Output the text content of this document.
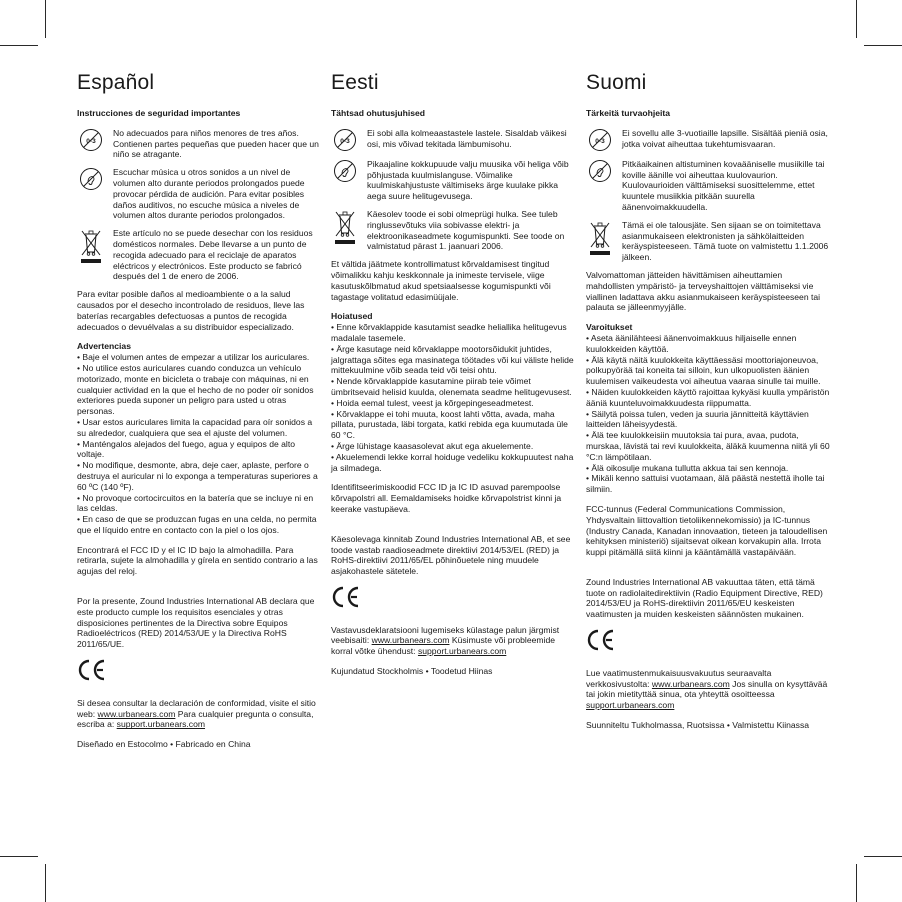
Español
Instrucciones de seguridad importantes
0-3

No adecuados para niños menores de tres años. Contienen partes pequeñas que pueden hacer que un niño se atragante.

Escuchar música u otros sonidos a un nivel de volumen alto durante periodos prolongados puede provocar pérdida de audición. Para evitar posibles daños auditivos, no escuche música a niveles de volumen altos durante periodos prolongados.

Este artículo no se puede desechar con los residuos domésticos normales. Debe llevarse a un punto de recogida adecuado para el reciclaje de aparatos eléctricos y electrónicos. Este producto se fabricó después del 1 de enero de 2006.

Para evitar posible daños al medioambiente o a la salud causados por el desecho incontrolado de residuos, lleve las baterías recargables defectuosas a puntos de recogida adecuados o devuélvalas a su distribuidor especializado.

Advertencias
• Baje el volumen antes de empezar a utilizar los auriculares.
• No utilice estos auriculares cuando conduzca un vehículo motorizado, monte en bicicleta o trabaje con máquinas, ni en cualquier actividad en la que el hecho de no poder oír sonidos exteriores pueda suponer un peligro para usted u otras personas.
• Usar estos auriculares limita la capacidad para oír sonidos a su alrededor, cualquiera que sea el ajuste del volumen.
• Manténgalos alejados del fuego, agua y equipos de alto voltaje.
• No modifique, desmonte, abra, deje caer, aplaste, perfore o destruya el auricular ni lo exponga a temperaturas superiores a 60 ºC (140 ºF).
• No provoque cortocircuitos en la batería que se incluye ni en las celdas.
• En caso de que se produzcan fugas en una celda, no permita que el líquido entre en contacto con la piel o los ojos.

Encontrará el FCC ID y el IC ID bajo la almohadilla. Para retirarla, sujete la almohadilla y gírela en sentido contrario a las agujas del reloj.

Por la presente, Zound Industries International AB declara que este producto cumple los requisitos esenciales y otras disposiciones pertinentes de la Directiva sobre Equipos Radioeléctricos (RED) 2014/53/UE y la Directiva RoHS 2011/65/UE.

Si desea consultar la declaración de conformidad, visite el sitio web: www.urbanears.com Para cualquier pregunta o consulta, escriba a: support.urbanears.com

Diseñado en Estocolmo • Fabricado en China

Eesti
Tähtsad ohutusjuhised
0-3

Ei sobi alla kolmeaastastele lastele. Sisaldab väikesi osi, mis võivad tekitada lämbumisohu.

Pikaajaline kokkupuude valju muusika või heliga võib põhjustada kuulmislanguse. Võimalike kuulmiskahjustuste vältimiseks ärge kuulake pikka aega suure helitugevusega.

Käesolev toode ei sobi olmeprügi hulka. See tuleb ringlussevõtuks viia sobivasse elektri- ja elektroonikaseadmete kogumispunkti. See toode on valmistatud pärast 1. jaanuari 2006.

Et vältida jäätmete kontrollimatust kõrvaldamisest tingitud võimalikku kahju keskkonnale ja inimeste tervisele, viige kasutuskõlbmatud akud spetsiaalsesse kogumispunkti või tagastage volitatud edasimüüjale.

Hoiatused
• Enne kõrvaklappide kasutamist seadke heliallika helitugevus madalale tasemele.
• Ärge kasutage neid kõrvaklappe mootorsõidukit juhtides, jalgrattaga sõites ega masinatega töötades või kui väliste helide mittekuulmine võib seada teid või teisi ohtu.
• Nende kõrvaklappide kasutamine piirab teie võimet ümbritsevaid helisid kuulda, olenemata seadme helitugevusest.
• Hoida eemal tulest, veest ja kõrgepingeseadmetest.
• Kõrvaklappe ei tohi muuta, koost lahti võtta, avada, maha pillata, purustada, läbi torgata, katki rebida ega kuumutada üle 60 °C.
• Ärge lühistage kaasasolevat akut ega akuelemente.
• Akuelemendi lekke korral hoiduge vedeliku kokkupuutest naha ja silmadega.

Identifitseerimiskoodid FCC ID ja IC ID asuvad parempoolse kõrvapolstri all. Eemaldamiseks hoidke kõrvapolstrist kinni ja keerake vastupäeva.

Käesolevaga kinnitab Zound Industries International AB, et see toode vastab raadioseadmete direktiivi 2014/53/EL (RED) ja RoHS-direktiivi 2011/65/EL põhinõuetele ning muudele asjakohastele sätetele.

Vastavusdeklaratsiooni lugemiseks külastage palun järgmist veebisaiti: www.urbanears.com Küsimuste või probleemide korral võtke ühendust: support.urbanears.com

Kujundatud Stockholmis • Toodetud Hiinas

Suomi
Tärkeitä turvaohjeita
0-3

Ei sovellu alle 3-vuotiaille lapsille. Sisältää pieniä osia, jotka voivat aiheuttaa tukehtumisvaaran.

Pitkäaikainen altistuminen kovaääniselle musiikille tai koville äänille voi aiheuttaa kuulovaurion. Kuulovaurioiden välttämiseksi suosittelemme, ettet kuuntele musiikkia pitkään suurella äänenvoimakkuudella.

Tämä ei ole talousjäte. Sen sijaan se on toimitettava asianmukaiseen elektronisten ja sähkölaitteiden keräyspisteeseen. Tämä tuote on valmistettu 1.1.2006 jälkeen.

Valvomattoman jätteiden hävittämisen aiheuttamien mahdollisten ympäristö- ja terveyshaittojen välttämiseksi vie viallinen ladattava akku asianmukaiseen keräyspisteeseen tai palauta se jälleenmyyjälle.

Varoitukset
• Aseta äänilähteesi äänenvoimakkuus hiljaiselle ennen kuulokkeiden käyttöä.
• Älä käytä näitä kuulokkeita käyttäessäsi moottoriajoneuvoa, polkupyörää tai koneita tai silloin, kun ulkopuolisten äänien kuulemisen vaikeudesta voi aiheutua vaaraa sinulle tai muille.
• Näiden kuulokkeiden käyttö rajoittaa kykyäsi kuulla ympäristön ääniä kuunteluvoimakkuudesta riippumatta.
• Säilytä poissa tulen, veden ja suuria jännitteitä käyttävien laitteiden läheisyydestä.
• Älä tee kuulokkeisiin muutoksia tai pura, avaa, pudota, murskaa, lävistä tai revi kuulokkeita, äläkä kuumenna niitä yli 60 °C:n lämpötilaan.
• Älä oikosulje mukana tullutta akkua tai sen kennoja.
• Mikäli kenno sattuisi vuotamaan, älä päästä nestettä iholle tai silmiin.

FCC-tunnus (Federal Communications Commission, Yhdysvaltain liittovaltion tietoliikennekomissio) ja IC-tunnus (Industry Canada, Kanadan innovaation, tieteen ja taloudellisen kehityksen ministeriö) sijaitsevat oikean korvakupin alla. Irrota kuppi pitämällä siitä kiinni ja kääntämällä vastapäivään.

Zound Industries International AB vakuuttaa täten, että tämä tuote on radiolaitedirektiivin (Radio Equipment Directive, RED) 2014/53/EU ja RoHS-direktiivin 2011/65/EU keskeisten vaatimusten ja muiden keskeisten säännösten mukainen.

Lue vaatimustenmukaisuusvakuutus seuraavalta verkkosivustolta: www.urbanears.com Jos sinulla on kysyttävää tai jokin mietityttää sinua, ota yhteyttä osoitteessa support.urbanears.com

Suunniteltu Tukholmassa, Ruotsissa • Valmistettu Kiinassa
